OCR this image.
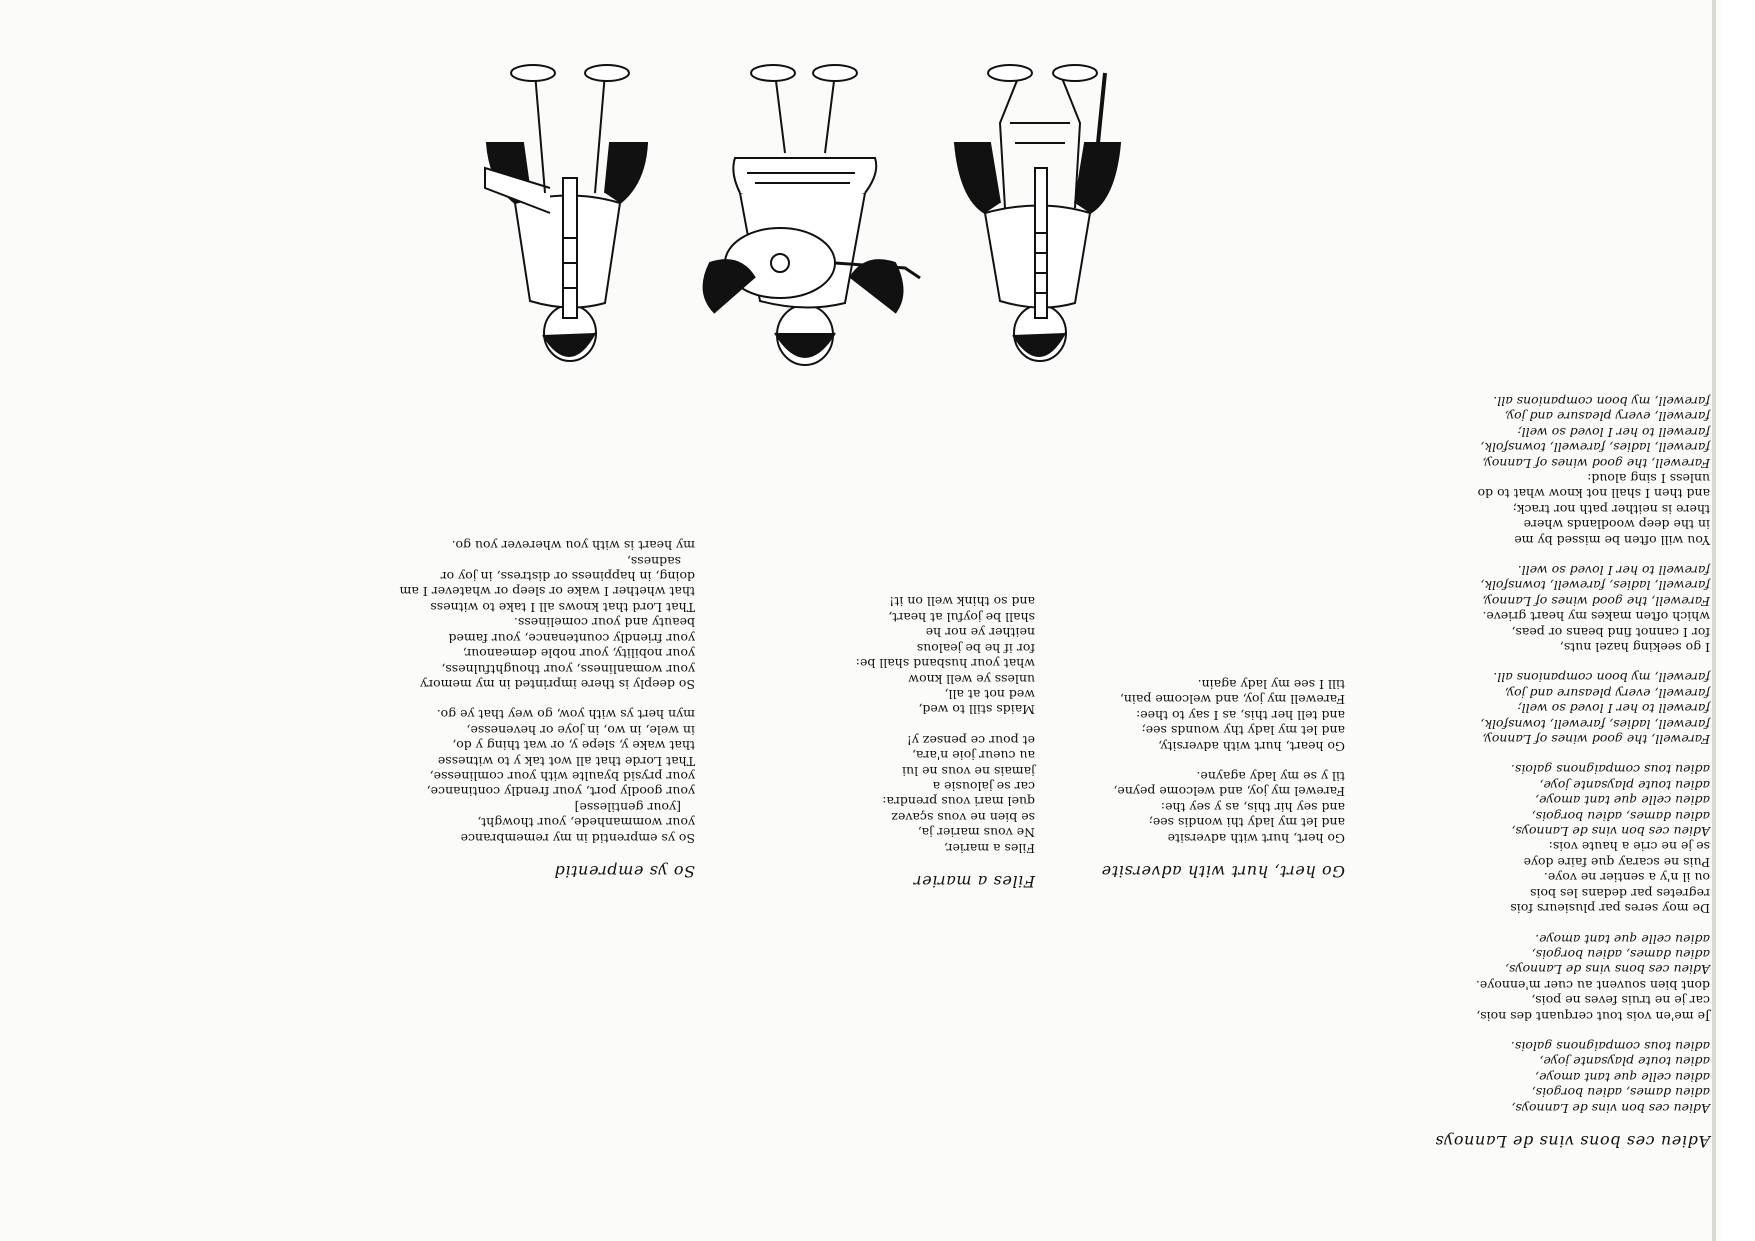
Adieu ces bons vins de Lannoys
Adieu ces bon vins de Lannoys,
adieu dames, adieu borgois,
adieu celle que tant amoye,
adieu toute playsante joye,
adieu tous compaignons galois.
Je me'en vois tout cerquant des nois,
car je ne truis feves ne pois,
dont bien souvent au cuer m'ennoye.
Adieu ces bons vins de Lannoys,
adieu dames, adieu borgois,
adieu celle que tant amoye.
De moy seres par plusieurs fois
regretes par dedans les bois
ou il n'y a sentier ne voye.
Puis ne scaray que faire doye
se je ne crie a haute vois:
Adieu ces bon vins de Lannoys,
adieu dames, adieu borgois,
adieu celle que tant amoye,
adieu toute playsante joye,
adieu tous compaignons galois.
Farewell, the good wines of Lannoy,
farewell, ladies, farewell, townsfolk,
farewell to her I loved so well;
farewell, every pleasure and joy,
farewell, my boon companions all.
I go seeking hazel nuts,
for I cannot find beans or peas,
which often makes my heart grieve.
Farewell, the good wines of Lannoy,
farewell, ladies, farewell, townsfolk,
farewell to her I loved so well.
You will often be missed by me
in the deep woodlands where
there is neither path nor track;
and then I shall not know what to do
unless I sing aloud:
Farewell, the good wines of Lannoy,
farewell, ladies, farewell, townsfolk,
farewell to her I loved so well;
farewell, every pleasure and joy,
farewell, my boon companions all.
Go hert, hurt with adversite
Go hert, hurt with adversite
and let my lady thi wondis see;
and sey hir this, as y sey the:
Farewel my joy, and welcome peyne,
til y se my lady agayne.
Go heart, hurt with adversity,
and let my lady thy wounds see;
and tell her this, as I say to thee:
Farewell my joy, and welcome pain,
till I see my lady again.
Files a marier
Files a marier,
Ne vous marier ja,
se bien ne vous sçavez
quel mari vous prendra:
car se jalousie a
jamais ne vous ne lui
au cueur joie n'ara,
et pour ce pensez y!
Maids still to wed,
wed not at all,
unless ye well know
what your husband shall be:
for if he be jealous
neither ye nor he
shall be joyful at heart,
and so think well on it!
So ys emprentid
So ys emprentid in my remembrance
your wommanhede, your thowght,
[your gentilesse]
your goodly port, your frendly continance,
your prysid byaulte with your comlinesse,
That Lorde that all wot tak y to witnesse
that wake y, slepe y, or wat thing y do,
in wele, in wo, in joye or hevenesse,
myn hert ys with yow, go wey that ye go.
So deeply is there imprinted in my memory
your womanliness, your thoughtfulness,
your nobility, your noble demeanour,
your friendly countenance, your famed
beauty and your comeliness.
That Lord that knows all I take to witness
that whether I wake or sleep or whatever I am
doing, in happiness or distress, in joy or
sadness,
my heart is with you wherever you go.
